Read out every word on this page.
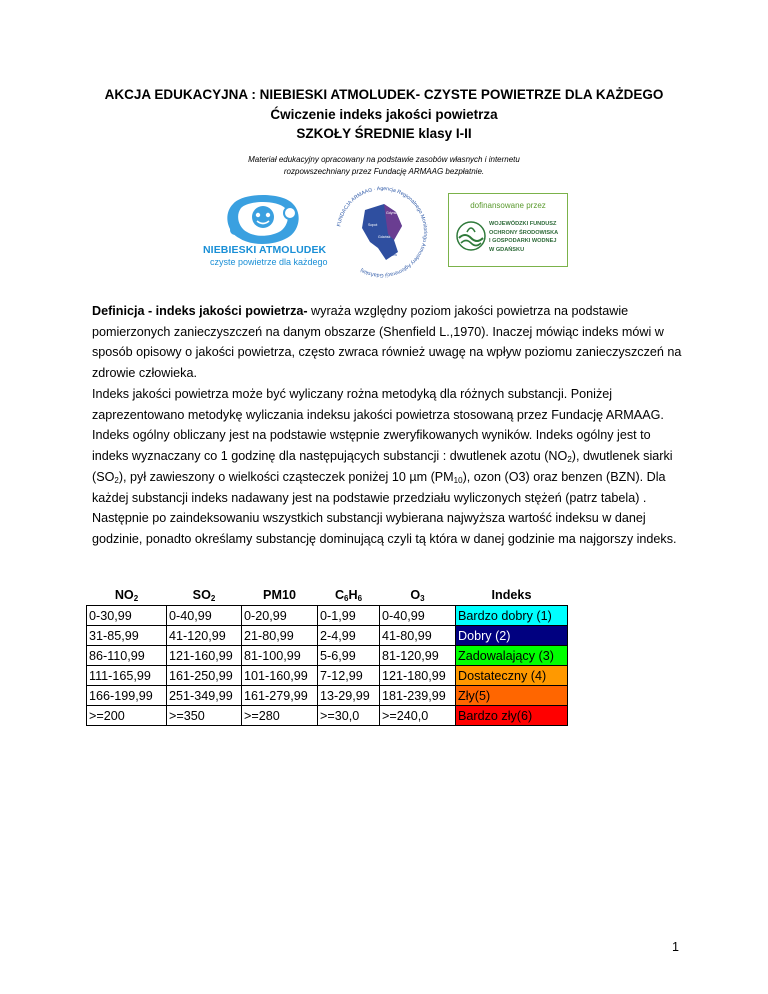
AKCJA EDUKACYJNA : NIEBIESKI ATMOLUDEK- CZYSTE POWIETRZE DLA KAŻDEGO
Ćwiczenie indeks jakości powietrza
SZKOŁY ŚREDNIE klasy I-II
Materiał edukacyjny opracowany na podstawie zasobów własnych i internetu
rozpowszechniany przez Fundację ARMAAG bezpłatnie.
NIEBIESKI ATMOLUDEK
czyste powietrze dla każdego
FUNDACJA ARMAAG · Agencja Regionalnego Monitoringu Atmosfery Aglomeracji Gdańskiej
Gdynia
Sopot
Gdańsk
Tczew
dofinansowane przez
WOJEWÓDZKI FUNDUSZ
OCHRONY ŚRODOWISKA
I GOSPODARKI WODNEJ
W GDAŃSKU
Definicja - indeks jakości powietrza- wyraża względny poziom jakości powietrza na podstawie pomierzonych zanieczyszczeń na danym obszarze (Shenfield L.,1970). Inaczej mówiąc indeks mówi w sposób opisowy o jakości powietrza, często zwraca również uwagę na wpływ poziomu zanieczyszczeń na zdrowie człowieka.
Indeks jakości powietrza może być wyliczany rożna metodyką dla różnych substancji. Poniżej zaprezentowano metodykę wyliczania indeksu jakości powietrza stosowaną przez Fundację ARMAAG. Indeks ogólny obliczany jest na podstawie wstępnie zweryfikowanych wyników. Indeks ogólny jest to indeks wyznaczany co 1 godzinę dla następujących substancji : dwutlenek azotu $(NO_2)$, dwutlenek siarki $(SO_2)$, pył zawieszony o wielkości cząsteczek poniżej 10 µm $(PM_{10})$, ozon (O3) oraz benzen (BZN). Dla każdej substancji indeks nadawany jest na podstawie przedziału wyliczonych stężeń (patrz tabela) . Następnie po zaindeksowaniu wszystkich substancji wybierana najwyższa wartość indeksu w danej godzinie, ponadto określamy substancję dominującą czyli tą która w danej godzinie ma najgorszy indeks.
$NO_2$	$SO_2$	PM10	$C_6H_6$	$O_3$	Indeks
0-30,99	0-40,99	0-20,99	0-1,99	0-40,99	Bardzo dobry (1)
31-85,99	41-120,99	21-80,99	2-4,99	41-80,99	Dobry (2)
86-110,99	121-160,99	81-100,99	5-6,99	81-120,99	Zadowalający (3)
111-165,99	161-250,99	101-160,99	7-12,99	121-180,99	Dostateczny (4)
166-199,99	251-349,99	161-279,99	13-29,99	181-239,99	Zły(5)
>=200	>=350	>=280	>=30,0	>=240,0	Bardzo zły(6)
1
